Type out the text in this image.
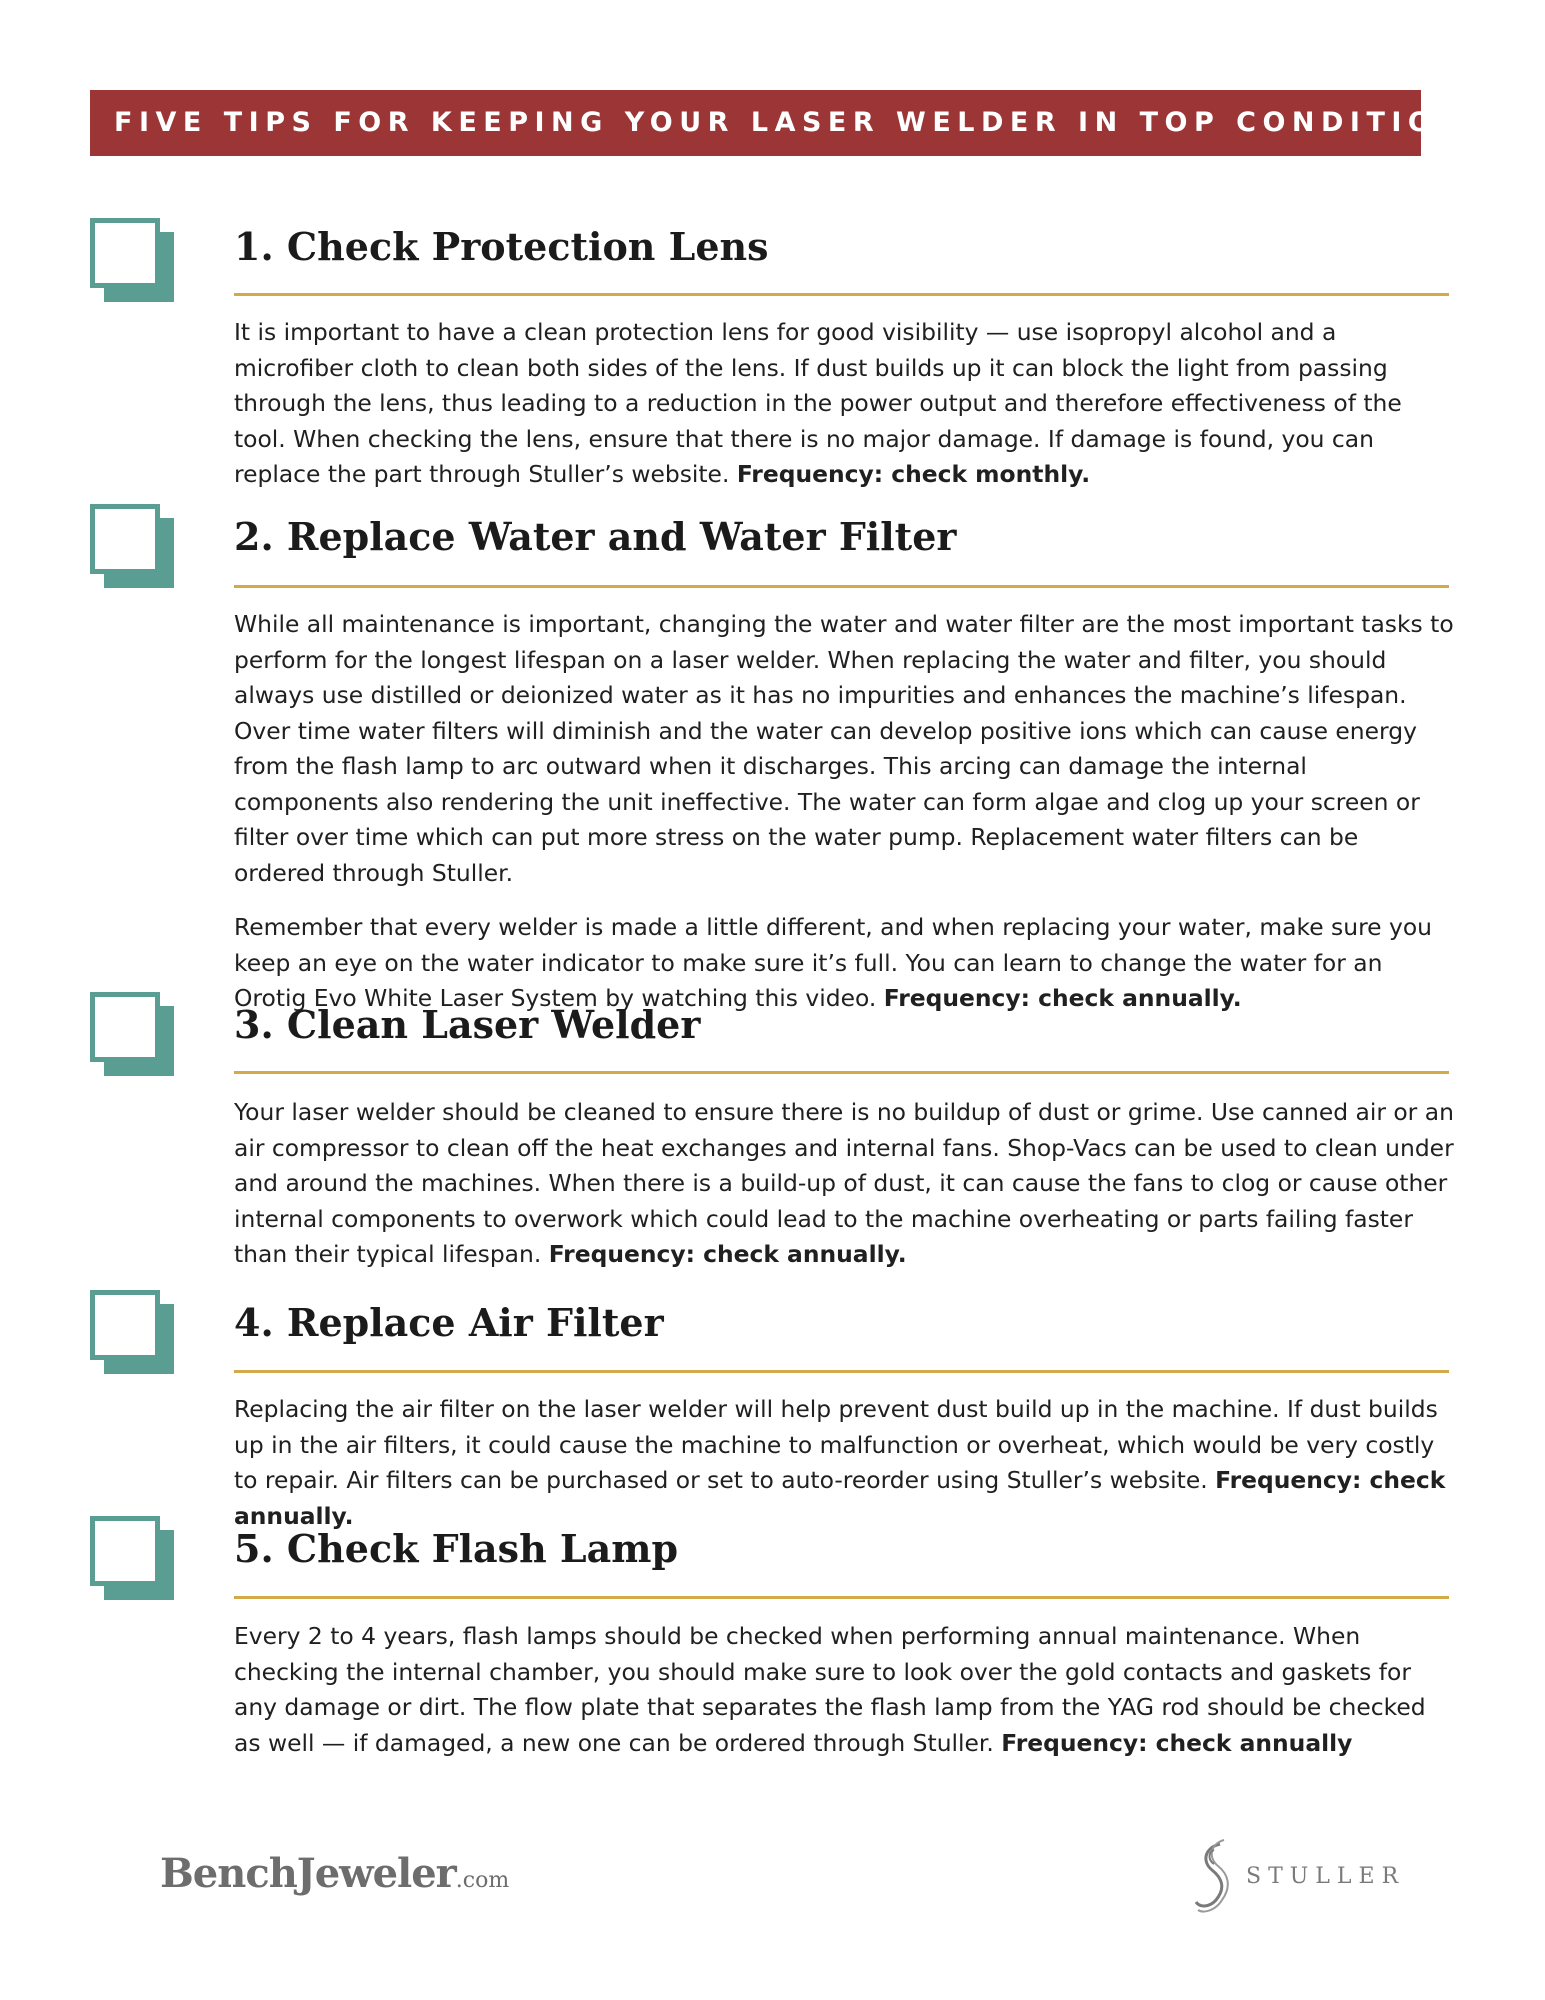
FIVE TIPS FOR KEEPING YOUR LASER WELDER IN TOP CONDITION
1. Check Protection Lens

It is important to have a clean protection lens for good visibility — use isopropyl alcohol and a microfiber cloth to clean both sides of the lens. If dust builds up it can block the light from passing through the lens, thus leading to a reduction in the power output and therefore effectiveness of the tool. When checking the lens, ensure that there is no major damage. If damage is found, you can replace the part through Stuller’s website. Frequency: check monthly.

2. Replace Water and Water Filter

While all maintenance is important, changing the water and water filter are the most important tasks to perform for the longest lifespan on a laser welder. When replacing the water and filter, you should always use distilled or deionized water as it has no impurities and enhances the machine’s lifespan. Over time water filters will diminish and the water can develop positive ions which can cause energy from the flash lamp to arc outward when it discharges. This arcing can damage the internal components also rendering the unit ineffective. The water can form algae and clog up your screen or filter over time which can put more stress on the water pump. Replacement water filters can be ordered through Stuller.

Remember that every welder is made a little different, and when replacing your water, make sure you keep an eye on the water indicator to make sure it’s full. You can learn to change the water for an Orotig Evo White Laser System by watching this video. Frequency: check annually.

3. Clean Laser Welder

Your laser welder should be cleaned to ensure there is no buildup of dust or grime. Use canned air or an air compressor to clean off the heat exchanges and internal fans. Shop-Vacs can be used to clean under and around the machines. When there is a build-up of dust, it can cause the fans to clog or cause other internal components to overwork which could lead to the machine overheating or parts failing faster than their typical lifespan. Frequency: check annually.

4. Replace Air Filter

Replacing the air filter on the laser welder will help prevent dust build up in the machine. If dust builds up in the air filters, it could cause the machine to malfunction or overheat, which would be very costly to repair. Air filters can be purchased or set to auto-reorder using Stuller’s website. Frequency: check annually.

5. Check Flash Lamp

Every 2 to 4 years, flash lamps should be checked when performing annual maintenance. When checking the internal chamber, you should make sure to look over the gold contacts and gaskets for any damage or dirt. The flow plate that separates the flash lamp from the YAG rod should be checked as well — if damaged, a new one can be ordered through Stuller. Frequency: check annually

BenchJeweler.com	STULLER
